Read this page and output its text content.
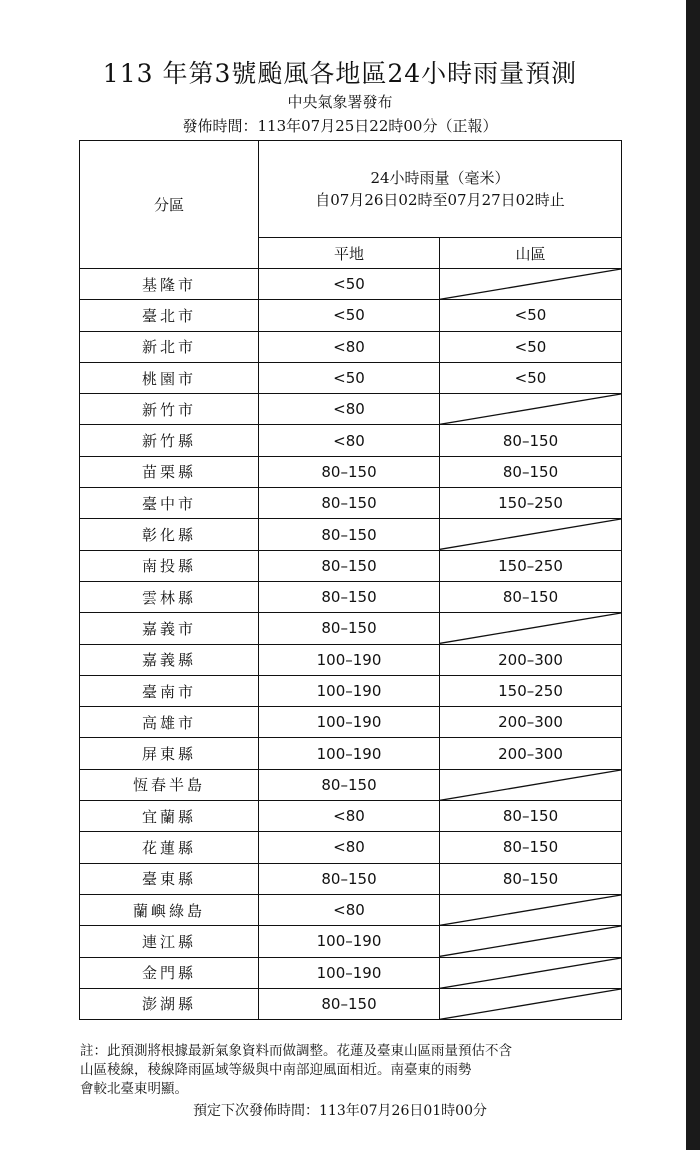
113 年第3號颱風各地區24小時雨量預測
中央氣象署發布
發佈時間：113年07月25日22時00分（正報）
分區	24小時雨量（毫米）
自07月26日02時至07月27日02時止	

	平地	山區
基隆市	<50	

臺北市	<50	<50
新北市	<80	<50
桃園市	<50	<50
新竹市	<80	

新竹縣	<80	80–150
苗栗縣	80–150	80–150
臺中市	80–150	150–250
彰化縣	80–150	

南投縣	80–150	150–250
雲林縣	80–150	80–150
嘉義市	80–150	

嘉義縣	100–190	200–300
臺南市	100–190	150–250
高雄市	100–190	200–300
屏東縣	100–190	200–300
恆春半島	80–150	

宜蘭縣	<80	80–150
花蓮縣	<80	80–150
臺東縣	80–150	80–150
蘭嶼綠島	<80	

連江縣	100–190	

金門縣	100–190	

澎湖縣	80–150	
註：此預測將根據最新氣象資料而做調整。花蓮及臺東山區雨量預估不含
山區稜線，稜線降雨區域等級與中南部迎風面相近。南臺東的雨勢
會較北臺東明顯。
預定下次發佈時間：113年07月26日01時00分
